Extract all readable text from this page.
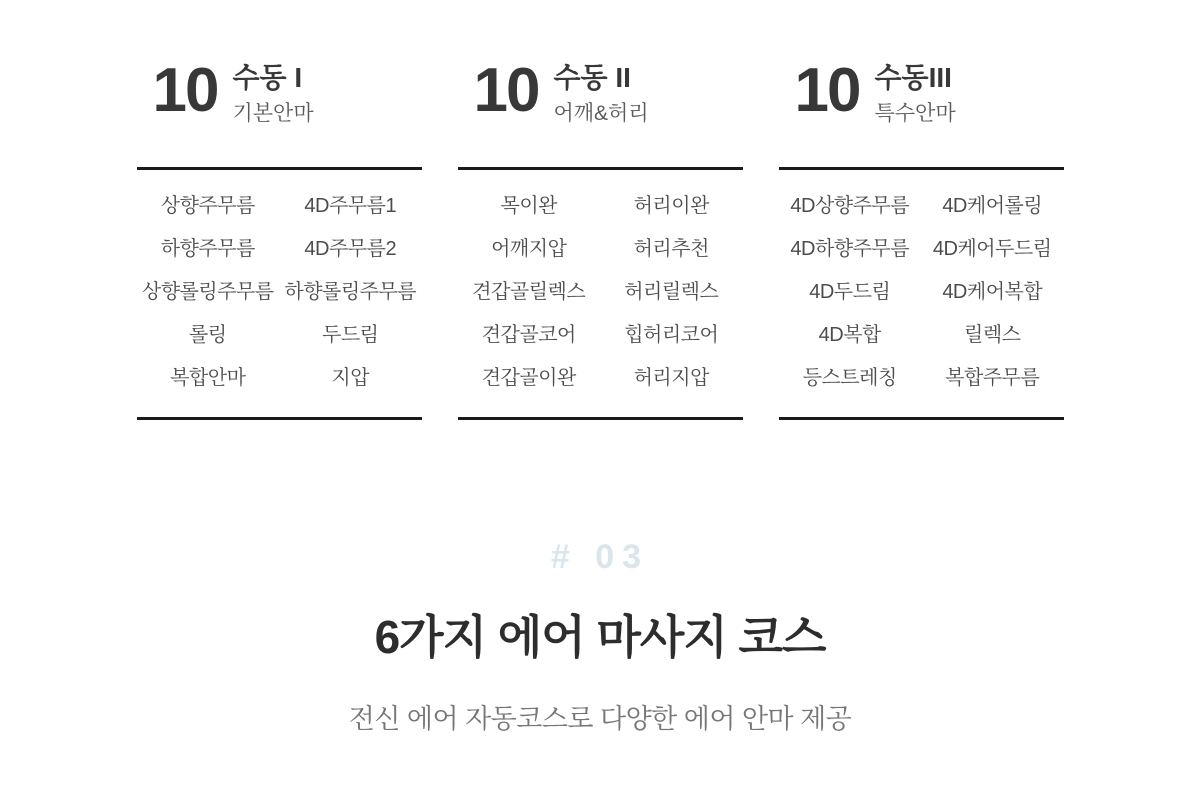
10 수동 I
기본안마
상향주무름	4D주무름1
하향주무름	4D주무름2
상향롤링주무름 하향롤링주무름
롤링	두드림
복합안마	지압
10 수동 II
어깨&허리
목이완	허리이완
어깨지압	허리추천
견갑골릴렉스	허리릴렉스
견갑골코어	힙허리코어
견갑골이완	허리지압
10 수동III
특수안마
4D상향주무름	4D케어롤링
4D하향주무름	4D케어두드림
4D두드림	4D케어복합
4D복합	릴렉스
등스트레칭	복합주무름
# 03
6가지 에어 마사지 코스
전신 에어 자동코스로 다양한 에어 안마 제공
